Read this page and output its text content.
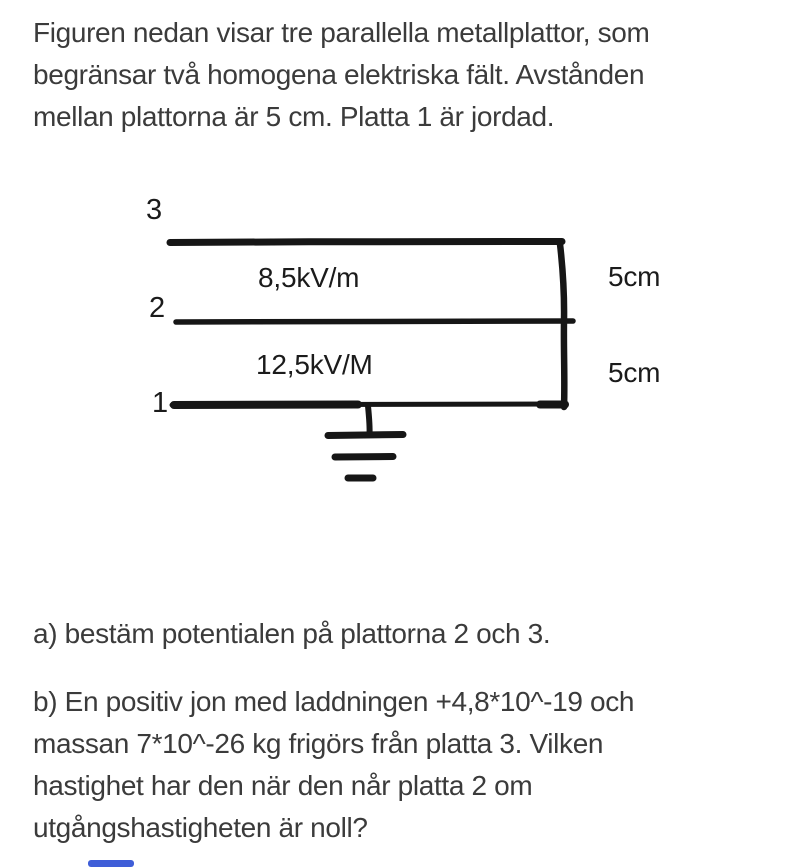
Figuren nedan visar tre parallella metallplattor, som
begränsar två homogena elektriska fält. Avstånden
mellan plattorna är 5 cm. Platta 1 är jordad.
3
2
1
8,5kV/m
12,5kV/M
5cm
5cm
a) bestäm potentialen på plattorna 2 och 3.
b) En positiv jon med laddningen +4,8*10^-19 och
massan 7*10^-26 kg frigörs från platta 3. Vilken
hastighet har den när den når platta 2 om
utgångshastigheten är noll?
